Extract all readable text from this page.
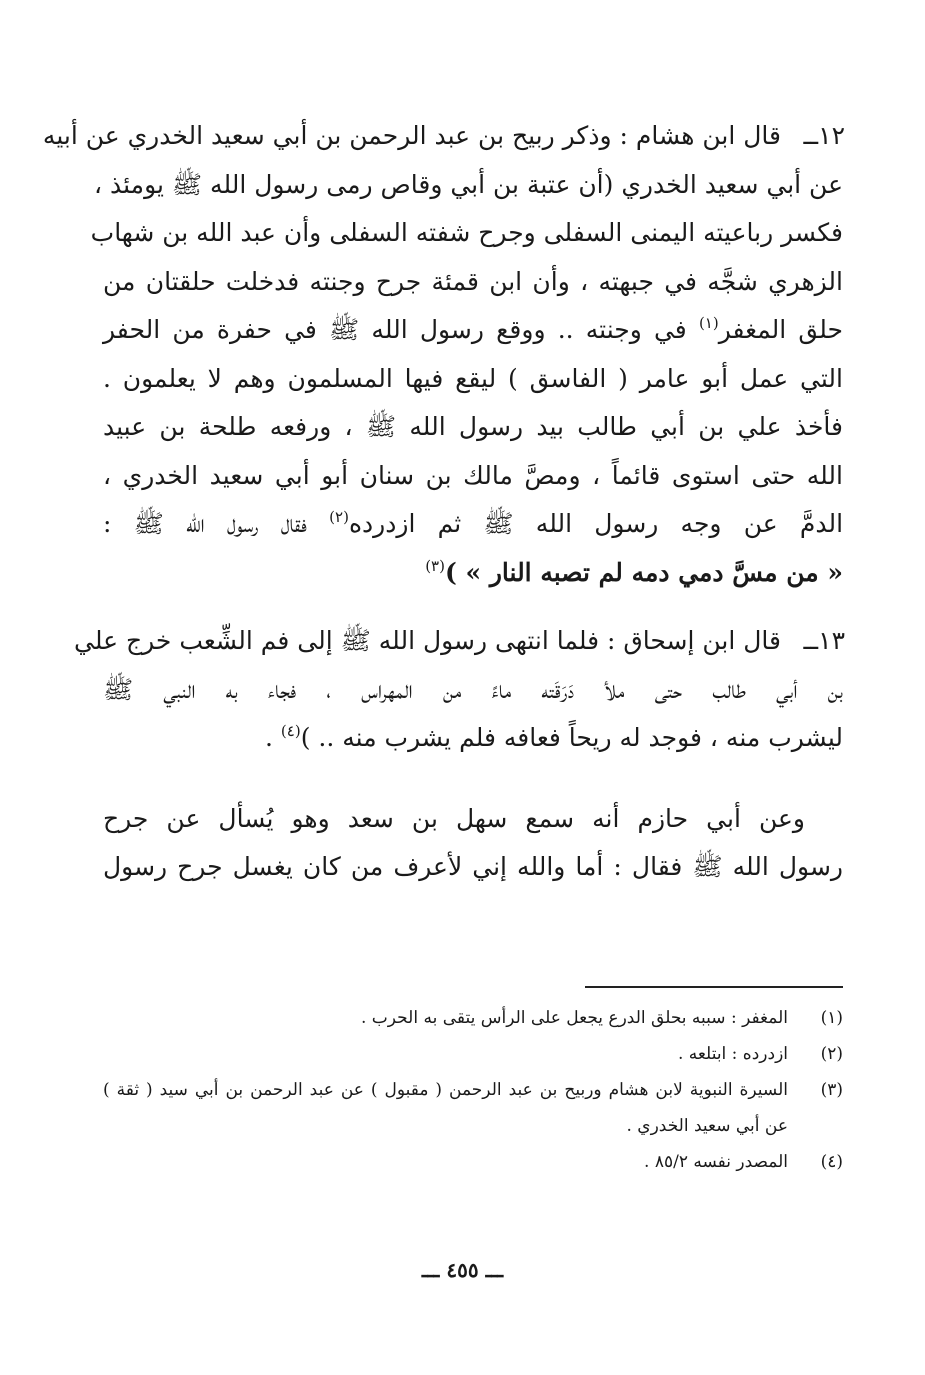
١٢ــ
قال ابن هشام : وذكر ربيح بن عبد الرحمن بن أبي سعيد الخدري عن أبيه
عن أبي سعيد الخدري (أن عتبة بن أبي وقاص رمى رسول الله ﷺ يومئذ ،
فكسر رباعيته اليمنى السفلى وجرح شفته السفلى وأن عبد الله بن شهاب
الزهري شجَّه في جبهته ، وأن ابن قمئة جرح وجنته فدخلت حلقتان من
حلق المغفر$^{(١)}$ في وجنته .. ووقع رسول الله ﷺ في حفرة من الحفر
التي عمل أبو عامر ( الفاسق ) ليقع فيها المسلمون وهم لا يعلمون .
فأخذ علي بن أبي طالب بيد رسول الله ﷺ ، ورفعه طلحة بن عبيد
الله حتى استوى قائماً ، ومصَّ مالك بن سنان أبو أبي سعيد الخدري ،
الدمَّ عن وجه رسول الله ﷺ ثم ازدرده$^{(٢)}$ فقال رسول الله ﷺ :
« من مسَّ دمي دمه لم تصبه النار » )$^{(٣)}$
١٣ــ
قال ابن إسحاق : فلما انتهى رسول الله ﷺ إلى فم الشِّعب خرج علي
بن أبي طالب حتى ملأ دَرَقَته ماءً من المهراس ، فجاء به النبي ﷺ
ليشرب منه ، فوجد له ريحاً فعافه فلم يشرب منه .. )$^{(٤)}$ .
وعن أبي حازم أنه سمع سهل بن سعد وهو يُسأل عن جرح
رسول الله ﷺ فقال : أما والله إني لأعرف من كان يغسل جرح رسول
(١)
المغفر : سببه بحلق الدرع يجعل على الرأس يتقى به الحرب .
(٢)
ازدرده : ابتلعه .
(٣)
السيرة النبوية لابن هشام وربيح بن عبد الرحمن ( مقبول ) عن عبد الرحمن بن أبي سيد ( ثقة )
عن أبي سعيد الخدري .
(٤)
المصدر نفسه ٨٥/٢ .
ـــ ٤٥٥ ـــ
